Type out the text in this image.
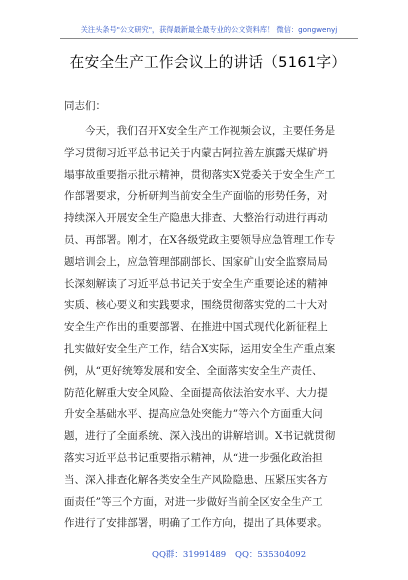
关注头条号"公文研究"，获得最新最全最专业的公文资料库！ 微信：gongwenyj
在安全生产工作会议上的讲话（5161字）
同志们：
今天，我们召开X安全生产工作视频会议，主要任务是
学习贯彻习近平总书记关于内蒙古阿拉善左旗露天煤矿坍
塌事故重要指示批示精神，贯彻落实X党委关于安全生产工
作部署要求，分析研判当前安全生产面临的形势任务，对
持续深入开展安全生产隐患大排查、大整治行动进行再动
员、再部署。刚才，在X各级党政主要领导应急管理工作专
题培训会上，应急管理部副部长、国家矿山安全监察局局
长深刻解读了习近平总书记关于安全生产重要论述的精神
实质、核心要义和实践要求，围绕贯彻落实党的二十大对
安全生产作出的重要部署、在推进中国式现代化新征程上
扎实做好安全生产工作，结合X实际，运用安全生产重点案
例，从“更好统筹发展和安全、全面落实安全生产责任、
防范化解重大安全风险、全面提高依法治安水平、大力提
升安全基础水平、提高应急处突能力”等六个方面重大问
题，进行了全面系统、深入浅出的讲解培训。X书记就贯彻
落实习近平总书记重要指示精神，从“进一步强化政治担
当、深入排查化解各类安全生产风险隐患、压紧压实各方
面责任”等三个方面，对进一步做好当前全区安全生产工
作进行了安排部署，明确了工作方向，提出了具体要求。
QQ群：31991489 QQ：535304092
